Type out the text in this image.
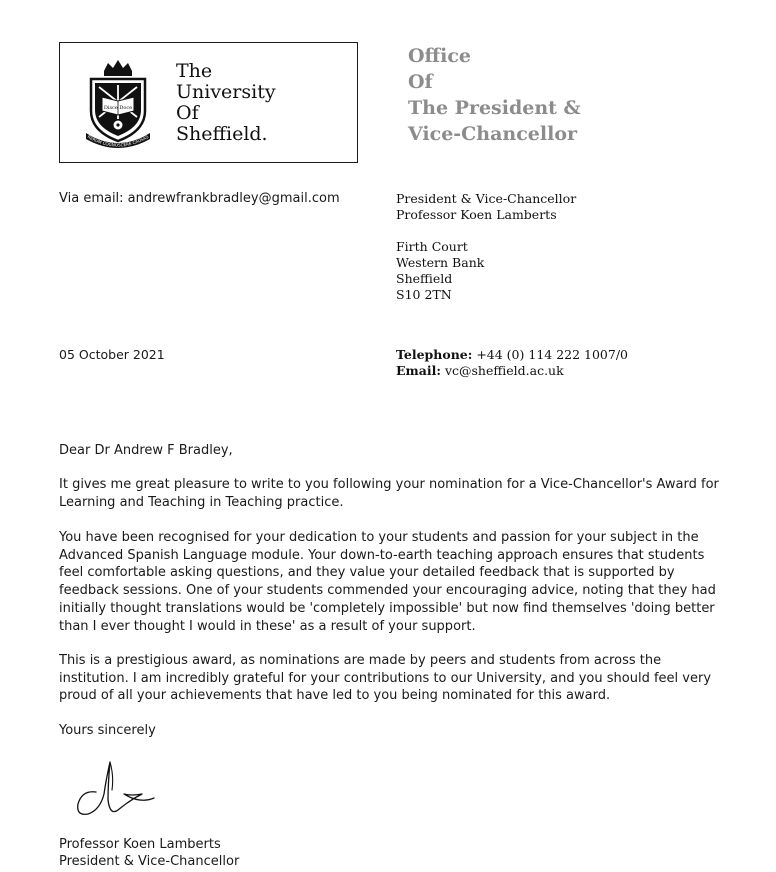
Disce Doce
RERUM COGNOSCERE CAUSAS
The
University
Of
Sheffield.
Office
Of
The President &
Vice-Chancellor
Via email: andrewfrankbradley@gmail.com	President & Vice-Chancellor
Professor Koen Lamberts
Firth Court
Western Bank
Sheffield
S10 2TN
05 October 2021	Telephone: +44 (0) 114 222 1007/0
Email: vc@sheffield.ac.uk
Dear Dr Andrew F Bradley,
It gives me great pleasure to write to you following your nomination for a Vice-Chancellor's Award for Learning and Teaching in Teaching practice.
You have been recognised for your dedication to your students and passion for your subject in the Advanced Spanish Language module. Your down-to-earth teaching approach ensures that students feel comfortable asking questions, and they value your detailed feedback that is supported by feedback sessions. One of your students commended your encouraging advice, noting that they had initially thought translations would be 'completely impossible' but now find themselves 'doing better than I ever thought I would in these' as a result of your support.
This is a prestigious award, as nominations are made by peers and students from across the institution. I am incredibly grateful for your contributions to our University, and you should feel very proud of all your achievements that have led to you being nominated for this award.
Yours sincerely
Professor Koen Lamberts
President & Vice-Chancellor
